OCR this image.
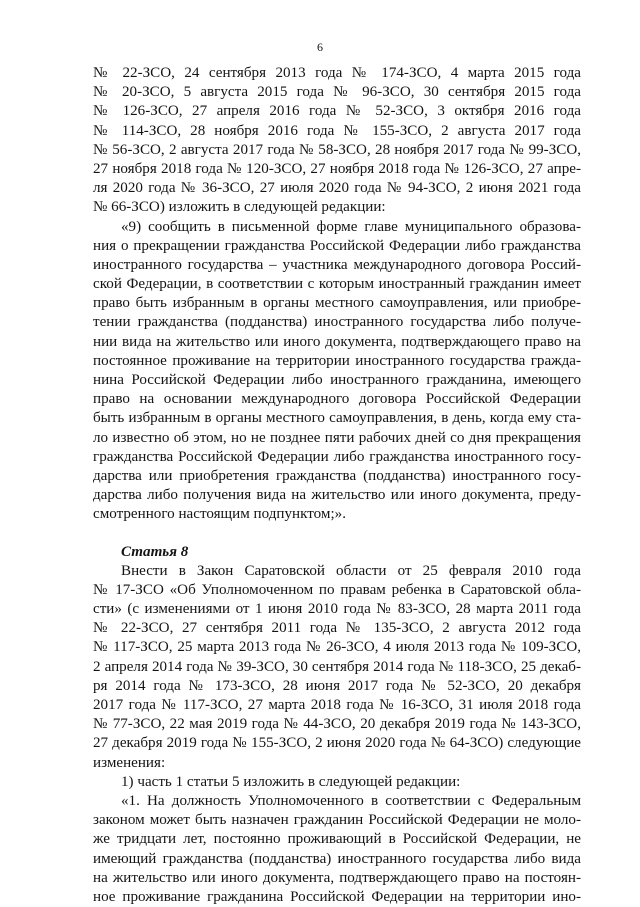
6
№ 22-ЗСО, 24 сентября 2013 года № 174-ЗСО, 4 марта 2015 года
№ 20-ЗСО, 5 августа 2015 года № 96-ЗСО, 30 сентября 2015 года
№ 126-ЗСО, 27 апреля 2016 года № 52-ЗСО, 3 октября 2016 года
№ 114-ЗСО, 28 ноября 2016 года № 155-ЗСО, 2 августа 2017 года
№ 56-ЗСО, 2 августа 2017 года № 58-ЗСО, 28 ноября 2017 года № 99-ЗСО,
27 ноября 2018 года № 120-ЗСО, 27 ноября 2018 года № 126-ЗСО, 27 апре-
ля 2020 года № 36-ЗСО, 27 июля 2020 года № 94-ЗСО, 2 июня 2021 года
№ 66-ЗСО) изложить в следующей редакции:
«9) сообщить в письменной форме главе муниципального образова-
ния о прекращении гражданства Российской Федерации либо гражданства
иностранного государства – участника международного договора Россий-
ской Федерации, в соответствии с которым иностранный гражданин имеет
право быть избранным в органы местного самоуправления, или приобре-
тении гражданства (подданства) иностранного государства либо получе-
нии вида на жительство или иного документа, подтверждающего право на
постоянное проживание на территории иностранного государства гражда-
нина Российской Федерации либо иностранного гражданина, имеющего
право на основании международного договора Российской Федерации
быть избранным в органы местного самоуправления, в день, когда ему ста-
ло известно об этом, но не позднее пяти рабочих дней со дня прекращения
гражданства Российской Федерации либо гражданства иностранного госу-
дарства или приобретения гражданства (подданства) иностранного госу-
дарства либо получения вида на жительство или иного документа, преду-
смотренного настоящим подпунктом;».
Статья 8
Внести в Закон Саратовской области от 25 февраля 2010 года
№ 17-ЗСО «Об Уполномоченном по правам ребенка в Саратовской обла-
сти» (с изменениями от 1 июня 2010 года № 83-ЗСО, 28 марта 2011 года
№ 22-ЗСО, 27 сентября 2011 года № 135-ЗСО, 2 августа 2012 года
№ 117-ЗСО, 25 марта 2013 года № 26-ЗСО, 4 июля 2013 года № 109-ЗСО,
2 апреля 2014 года № 39-ЗСО, 30 сентября 2014 года № 118-ЗСО, 25 декаб-
ря 2014 года № 173-ЗСО, 28 июня 2017 года № 52-ЗСО, 20 декабря
2017 года № 117-ЗСО, 27 марта 2018 года № 16-ЗСО, 31 июля 2018 года
№ 77-ЗСО, 22 мая 2019 года № 44-ЗСО, 20 декабря 2019 года № 143-ЗСО,
27 декабря 2019 года № 155-ЗСО, 2 июня 2020 года № 64-ЗСО) следующие
изменения:
1) часть 1 статьи 5 изложить в следующей редакции:
«1. На должность Уполномоченного в соответствии с Федеральным
законом может быть назначен гражданин Российской Федерации не моло-
же тридцати лет, постоянно проживающий в Российской Федерации, не
имеющий гражданства (подданства) иностранного государства либо вида
на жительство или иного документа, подтверждающего право на постоян-
ное проживание гражданина Российской Федерации на территории ино-
